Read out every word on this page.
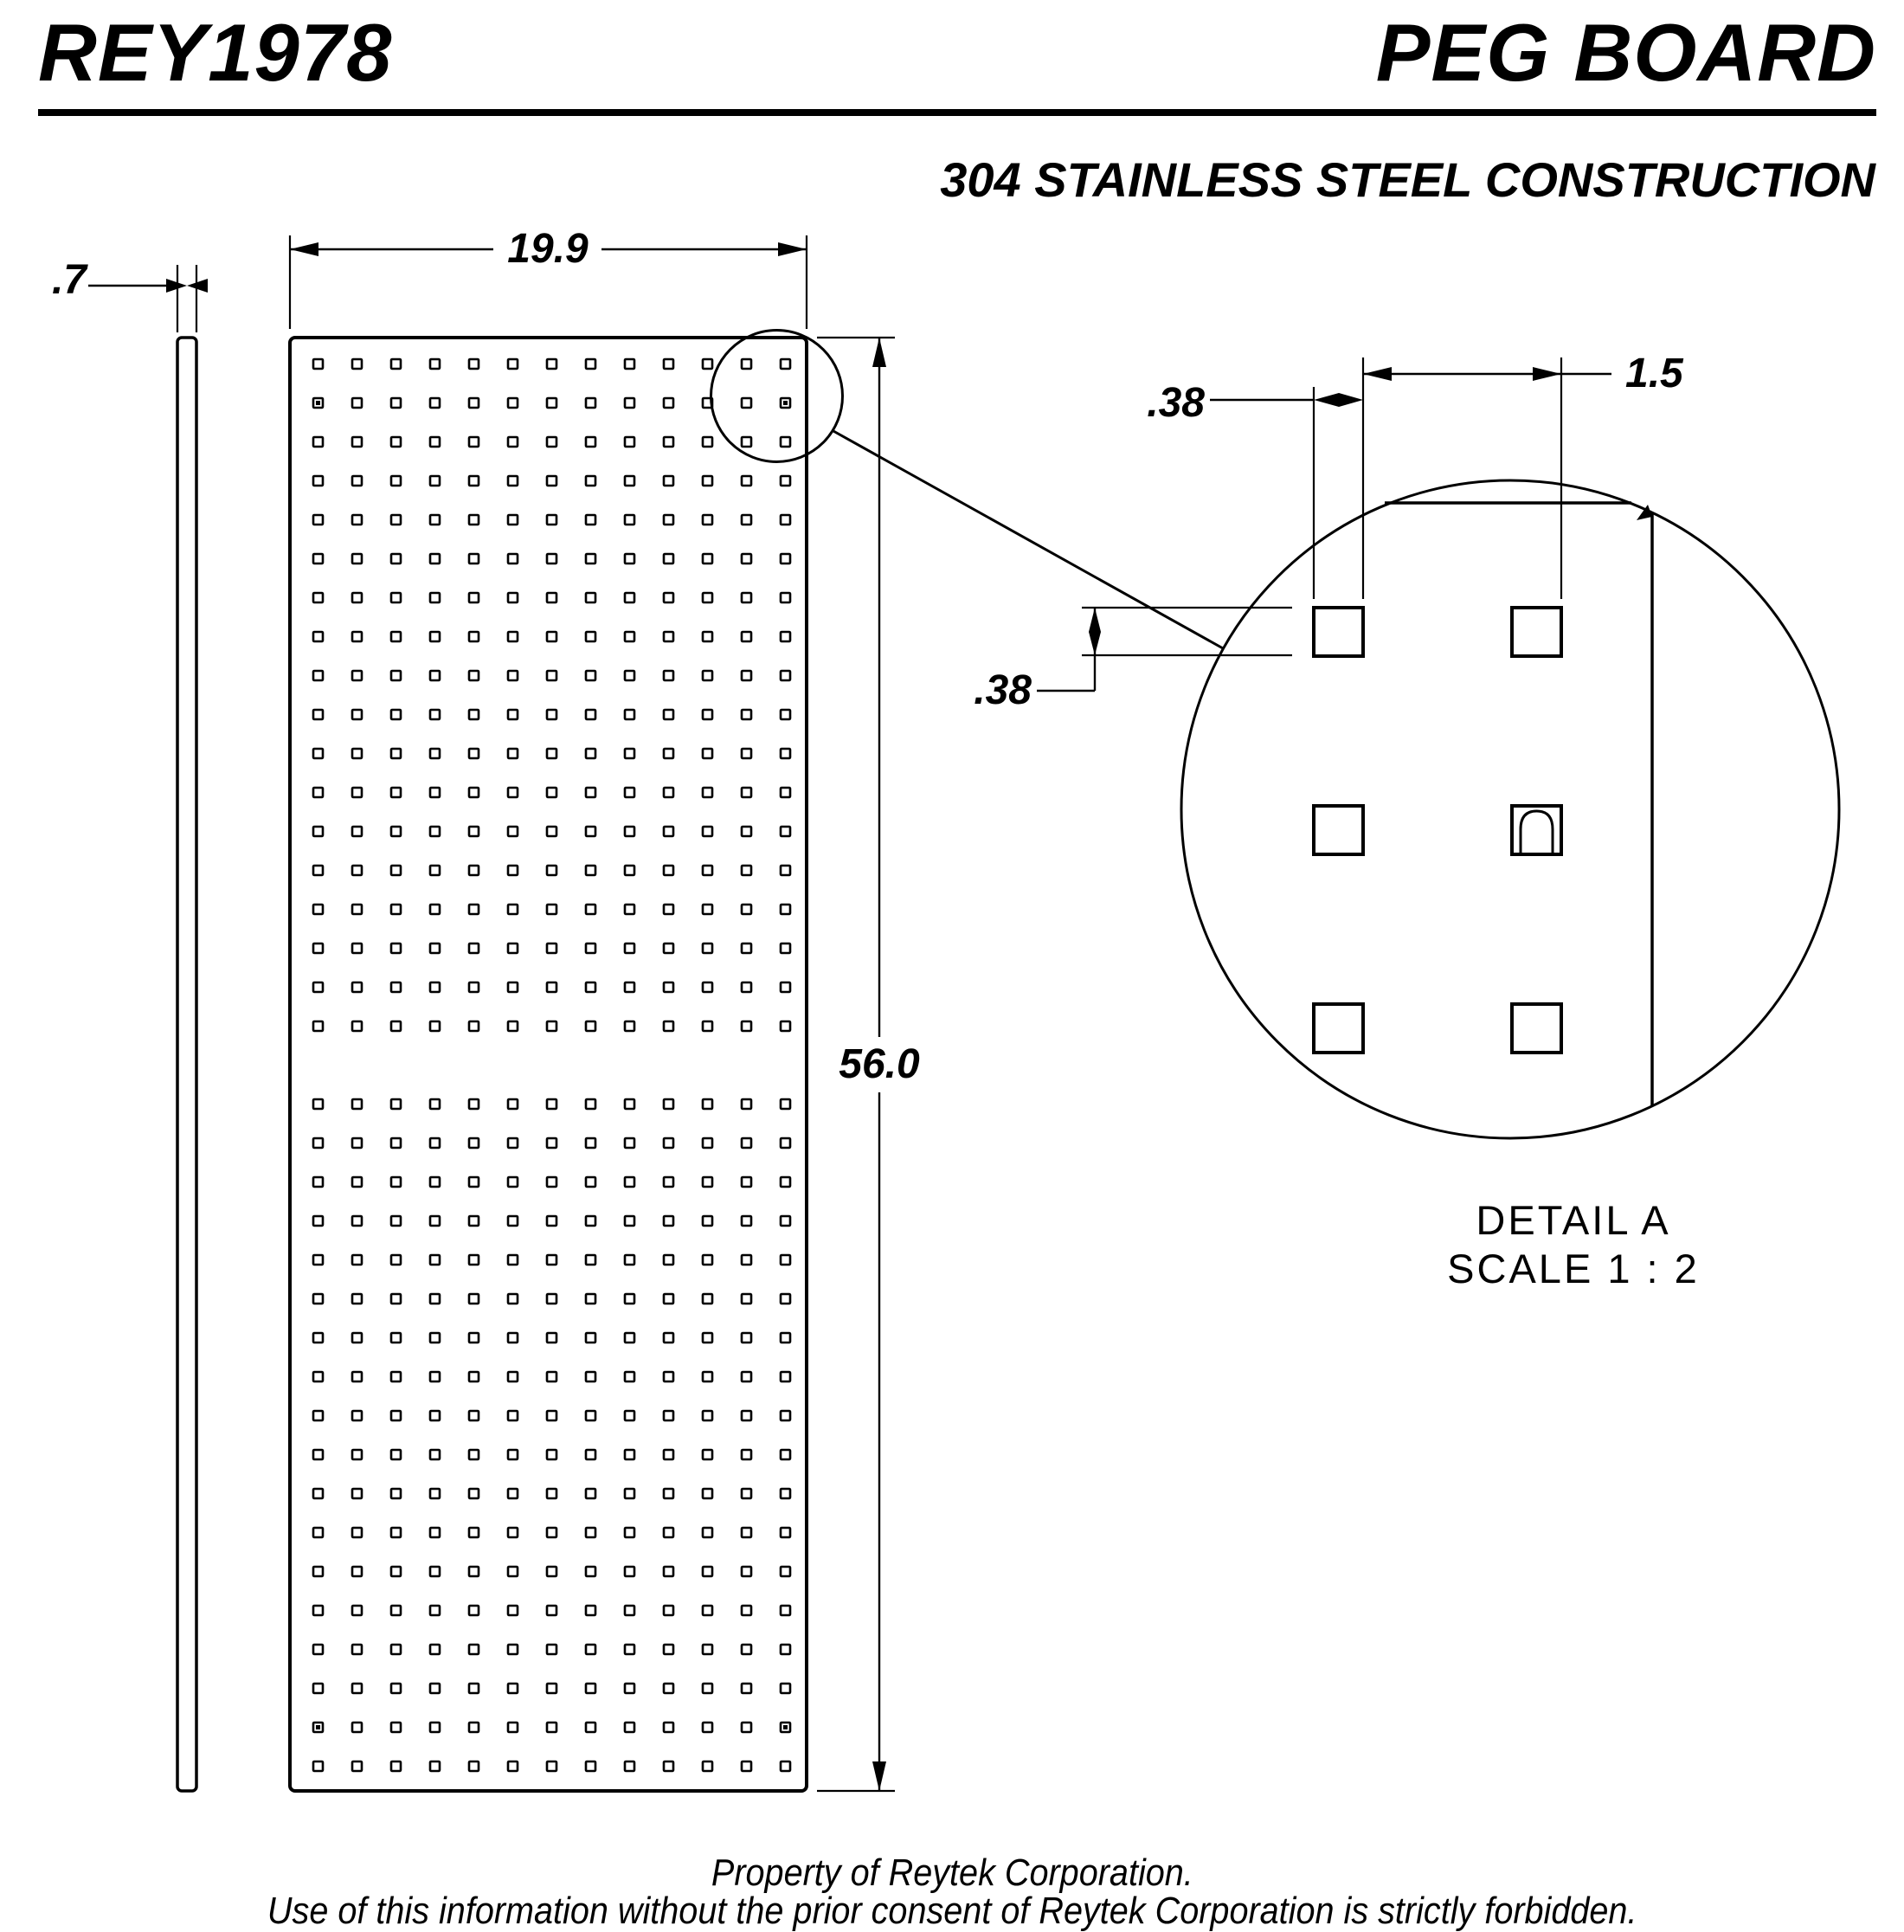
REY1978	PEG BOARD
304 STAINLESS STEEL CONSTRUCTION
.7
19.9
56.0
.38
1.5
.38
DETAIL A
SCALE 1 : 2
Property of Reytek Corporation.
Use of this information without the prior consent of Reytek Corporation is strictly forbidden.
